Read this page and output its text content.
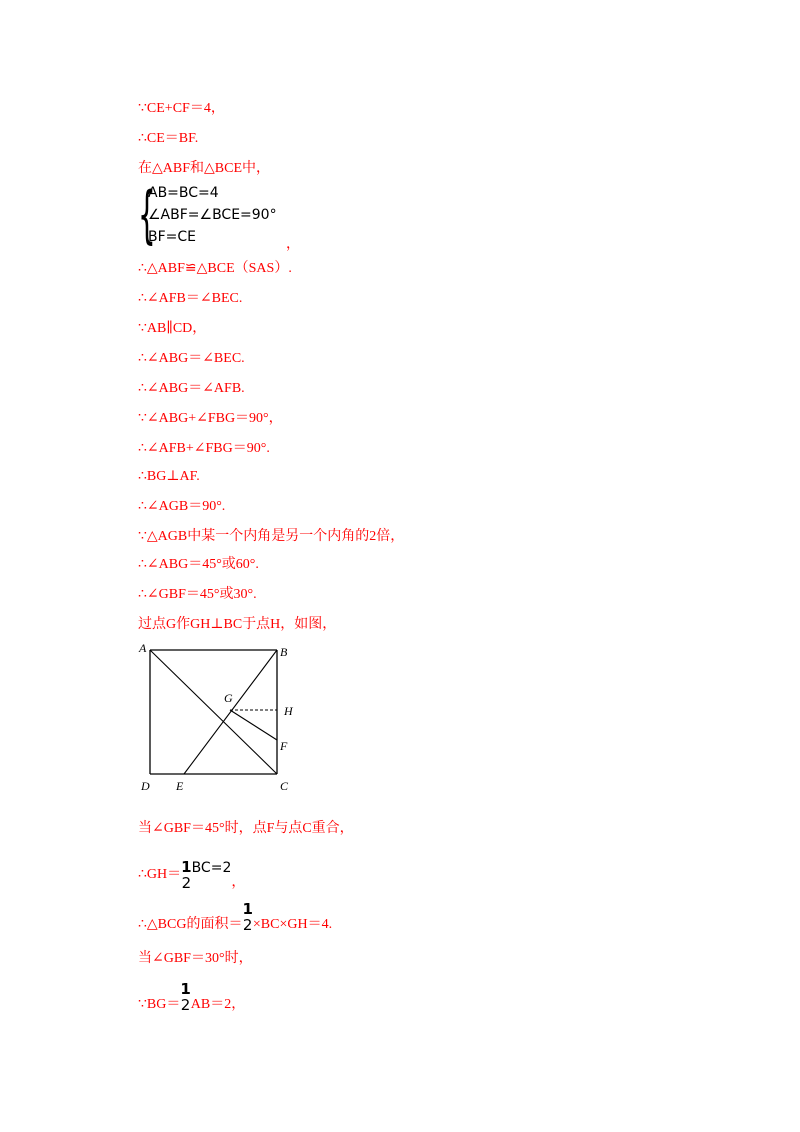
∵CE+CF＝4，
∴CE＝BF.
在△ABF和△BCE中，
{
AB=BC=4
∠ABF=∠BCE=90°
BF=CE	，
∴△ABF≌△BCE（SAS）.
∴∠AFB＝∠BEC.
∵AB∥CD，
∴∠ABG＝∠BEC.
∴∠ABG＝∠AFB.
∵∠ABG+∠FBG＝90°，
∴∠AFB+∠FBG＝90°.
∴BG⊥AF.
∴∠AGB＝90°.
∵△AGB中某一个内角是另一个内角的2倍，
∴∠ABG＝45°或60°.
∴∠GBF＝45°或30°.
过点G作GH⊥BC于点H，如图，
A	B
C
D E
F
G
H
当∠GBF＝45°时，点F与点C重合，
∴GH＝ 1
2
BC=2，
∴△BCG的面积＝
1
2 ×BC×GH＝4.
当∠GBF＝30°时，
∵BG＝
1
2 AB＝2，
